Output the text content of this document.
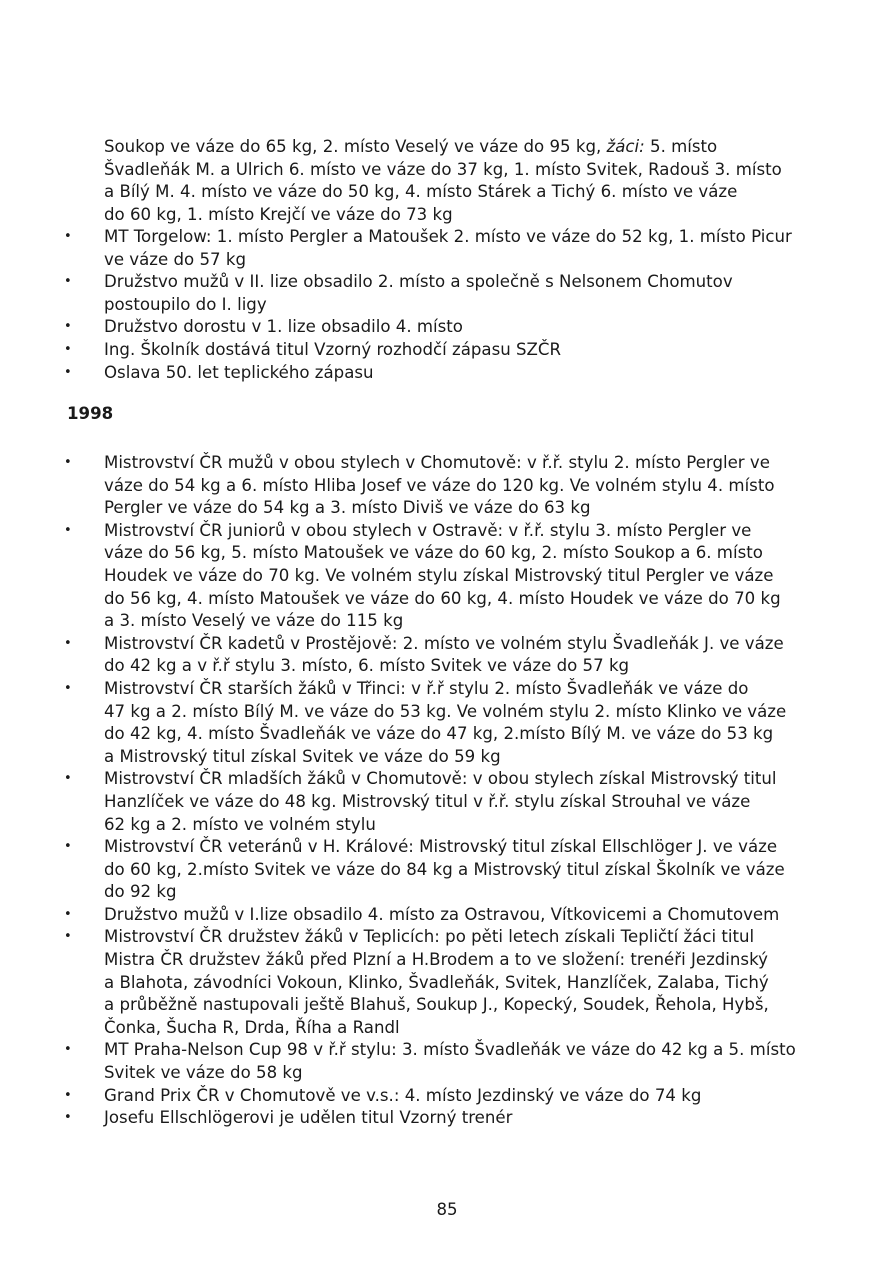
Soukop ve váze do 65 kg, 2. místo Veselý ve váze do 95 kg, žáci: 5. místo
Švadleňák M. a Ulrich 6. místo ve váze do 37 kg, 1. místo Svitek, Radouš 3. místo
a Bílý M. 4. místo ve váze do 50 kg, 4. místo Stárek a Tichý 6. místo ve váze
do 60 kg, 1. místo Krejčí ve váze do 73 kg
•	MT Torgelow: 1. místo Pergler a Matoušek 2. místo ve váze do 52 kg, 1. místo Picur
ve váze do 57 kg
•	Družstvo mužů v II. lize obsadilo 2. místo a společně s Nelsonem Chomutov
postoupilo do I. ligy
•	Družstvo dorostu v 1. lize obsadilo 4. místo
•	Ing. Školník dostává titul Vzorný rozhodčí zápasu SZČR
•	Oslava 50. let teplického zápasu
1998
•	Mistrovství ČR mužů v obou stylech v Chomutově: v ř.ř. stylu 2. místo Pergler ve
váze do 54 kg a 6. místo Hliba Josef ve váze do 120 kg. Ve volném stylu 4. místo
Pergler ve váze do 54 kg a 3. místo Diviš ve váze do 63 kg
•	Mistrovství ČR juniorů v obou stylech v Ostravě: v ř.ř. stylu 3. místo Pergler ve
váze do 56 kg, 5. místo Matoušek ve váze do 60 kg, 2. místo Soukop a 6. místo
Houdek ve váze do 70 kg. Ve volném stylu získal Mistrovský titul Pergler ve váze
do 56 kg, 4. místo Matoušek ve váze do 60 kg, 4. místo Houdek ve váze do 70 kg
a 3. místo Veselý ve váze do 115 kg
•	Mistrovství ČR kadetů v Prostějově: 2. místo ve volném stylu Švadleňák J. ve váze
do 42 kg a v ř.ř stylu 3. místo, 6. místo Svitek ve váze do 57 kg
•	Mistrovství ČR starších žáků v Třinci: v ř.ř stylu 2. místo Švadleňák ve váze do
47 kg a 2. místo Bílý M. ve váze do 53 kg. Ve volném stylu 2. místo Klinko ve váze
do 42 kg, 4. místo Švadleňák ve váze do 47 kg, 2.místo Bílý M. ve váze do 53 kg
a Mistrovský titul získal Svitek ve váze do 59 kg
•	Mistrovství ČR mladších žáků v Chomutově: v obou stylech získal Mistrovský titul
Hanzlíček ve váze do 48 kg. Mistrovský titul v ř.ř. stylu získal Strouhal ve váze
62 kg a 2. místo ve volném stylu
•	Mistrovství ČR veteránů v H. Králové: Mistrovský titul získal Ellschlöger J. ve váze
do 60 kg, 2.místo Svitek ve váze do 84 kg a Mistrovský titul získal Školník ve váze
do 92 kg
•	Družstvo mužů v I.lize obsadilo 4. místo za Ostravou, Vítkovicemi a Chomutovem
•	Mistrovství ČR družstev žáků v Teplicích: po pěti letech získali Tepličtí žáci titul
Mistra ČR družstev žáků před Plzní a H.Brodem a to ve složení: trenéři Jezdinský
a Blahota, závodníci Vokoun, Klinko, Švadleňák, Svitek, Hanzlíček, Zalaba, Tichý
a průběžně nastupovali ještě Blahuš, Soukup J., Kopecký, Soudek, Řehola, Hybš,
Čonka, Šucha R, Drda, Říha a Randl
•	MT Praha-Nelson Cup 98 v ř.ř stylu: 3. místo Švadleňák ve váze do 42 kg a 5. místo
Svitek ve váze do 58 kg
•	Grand Prix ČR v Chomutově ve v.s.: 4. místo Jezdinský ve váze do 74 kg
•	Josefu Ellschlögerovi je udělen titul Vzorný trenér
85
